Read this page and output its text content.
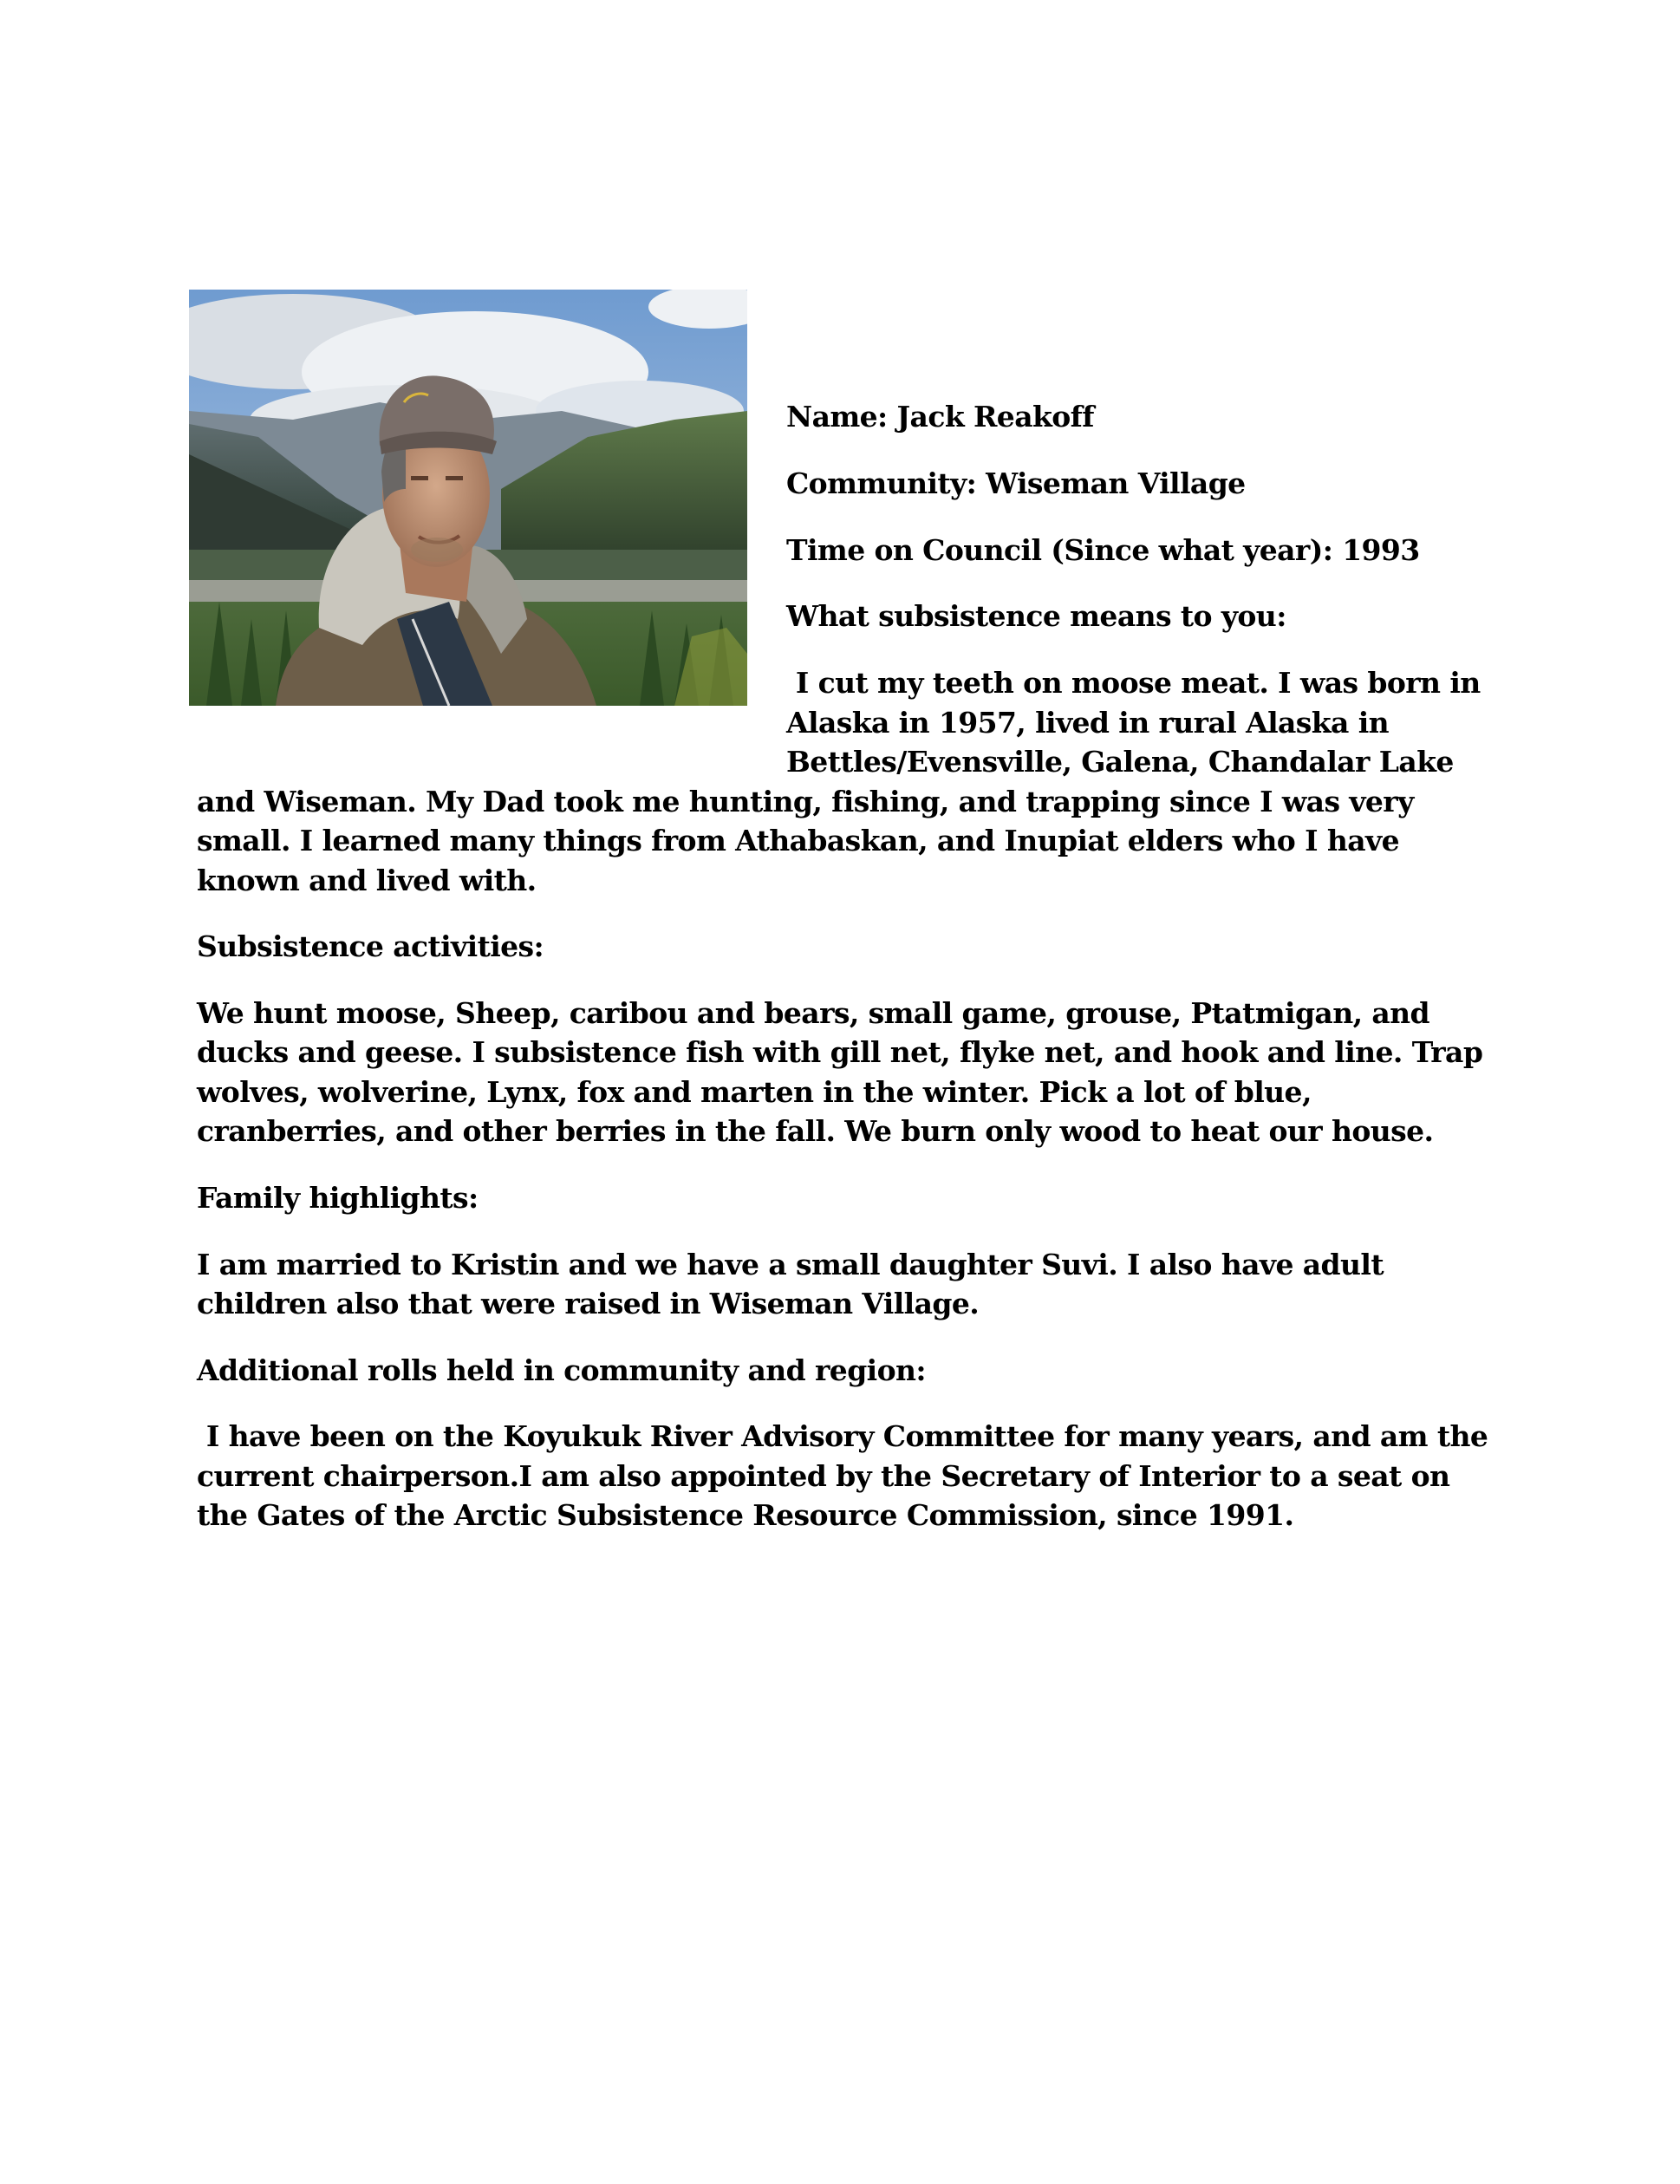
Name: Jack Reakoff
Community: Wiseman Village
Time on Council (Since what year): 1993
What subsistence means to you:
I cut my teeth on moose meat. I was born in
Alaska in 1957, lived in rural Alaska in
Bettles/Evensville, Galena, Chandalar Lake
and Wiseman. My Dad took me hunting, fishing, and trapping since I was very
small. I learned many things from Athabaskan, and Inupiat elders who I have
known and lived with.
Subsistence activities:
We hunt moose, Sheep, caribou and bears, small game, grouse, Ptatmigan, and
ducks and geese. I subsistence fish with gill net, flyke net, and hook and line. Trap
wolves, wolverine, Lynx, fox and marten in the winter. Pick a lot of blue,
cranberries, and other berries in the fall. We burn only wood to heat our house.
Family highlights:
I am married to Kristin and we have a small daughter Suvi. I also have adult
children also that were raised in Wiseman Village.
Additional rolls held in community and region:
I have been on the Koyukuk River Advisory Committee for many years, and am the
current chairperson.I am also appointed by the Secretary of Interior to a seat on
the Gates of the Arctic Subsistence Resource Commission, since 1991.
